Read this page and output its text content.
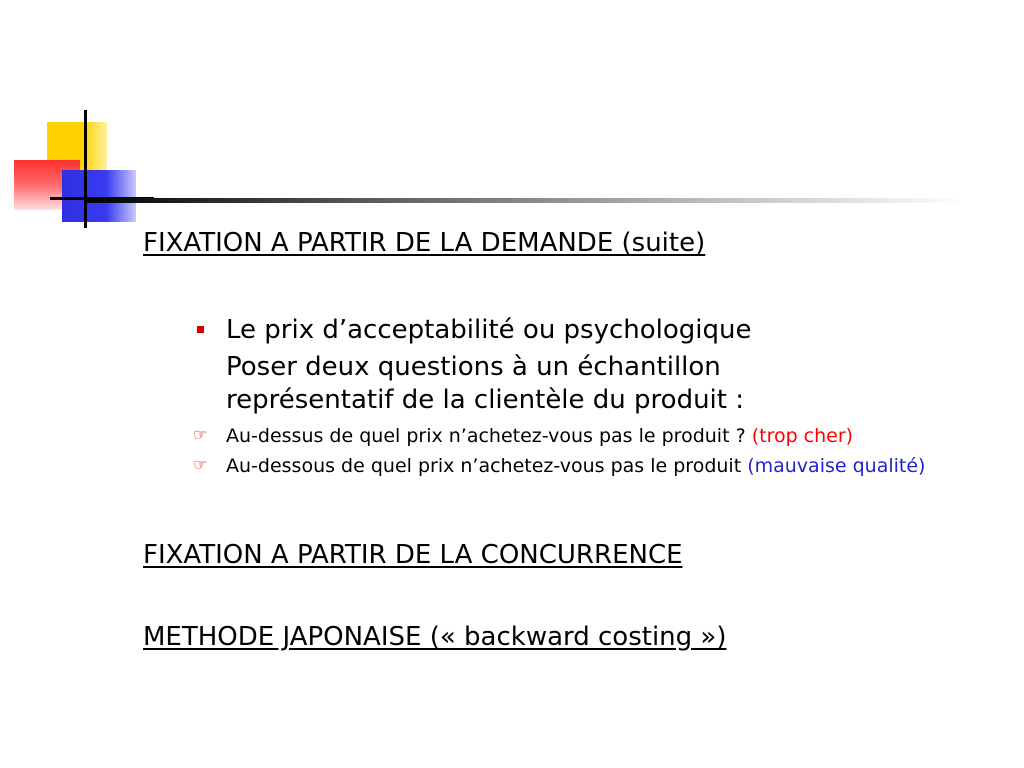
FIXATION A PARTIR DE LA DEMANDE (suite)
Le prix d’acceptabilité ou psychologique
Poser deux questions à un échantillon représentatif de la clientèle du produit :
☞ Au-dessus de quel prix n’achetez-vous pas le produit ? (trop cher)
☞ Au-dessous de quel prix n’achetez-vous pas le produit (mauvaise qualité)
FIXATION A PARTIR DE LA CONCURRENCE
METHODE JAPONAISE (« backward costing »)
